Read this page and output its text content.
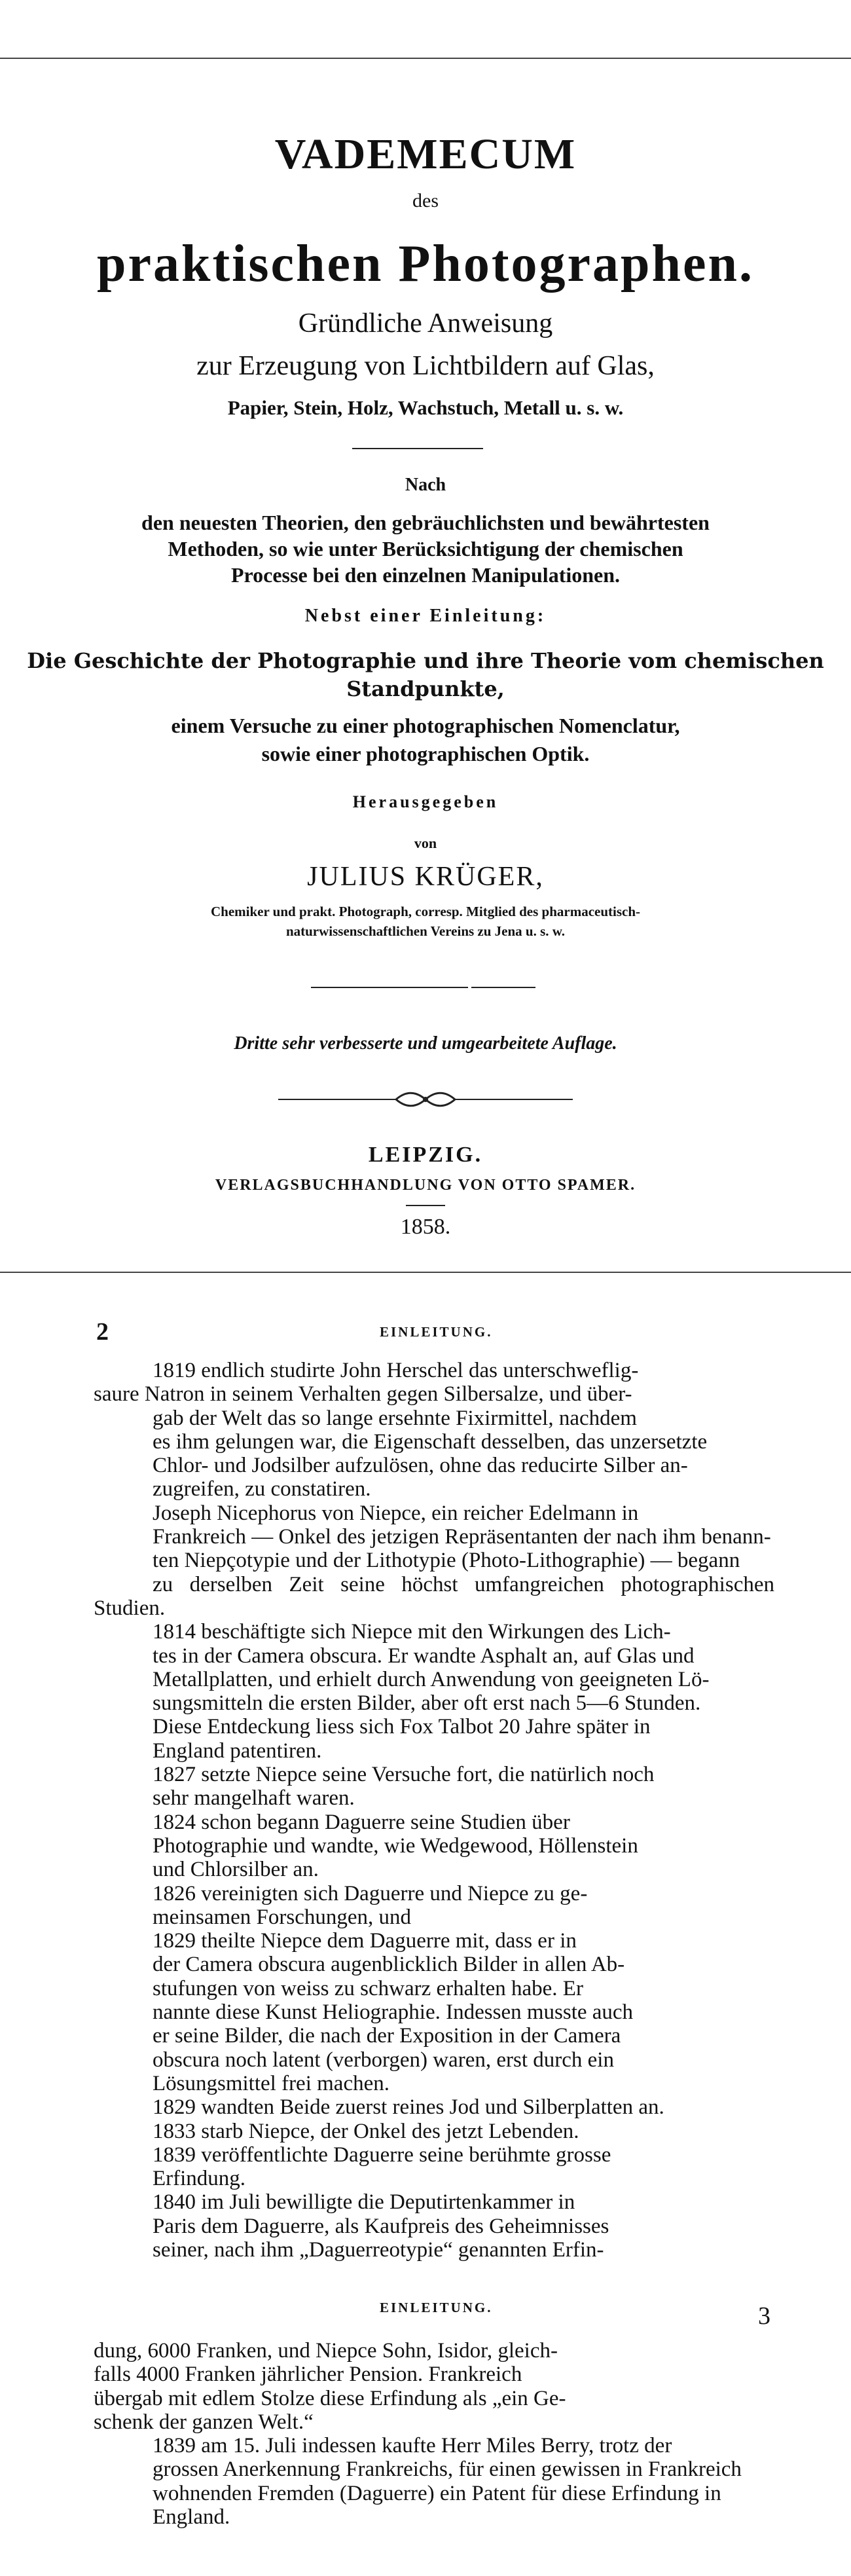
VADEMECUM
des
praktischen Photographen.
Gründliche Anweisung
zur Erzeugung von Lichtbildern auf Glas,
Papier, Stein, Holz, Wachstuch, Metall u. s. w.
Nach
den neuesten Theorien, den gebräuchlichsten und bewährtesten
Methoden, so wie unter Berücksichtigung der chemischen
Processe bei den einzelnen Manipulationen.
Nebst einer Einleitung:
Die Geschichte der Photographie und ihre Theorie vom chemischen
Standpunkte,
einem Versuche zu einer photographischen Nomenclatur,
sowie einer photographischen Optik.
Herausgegeben
von
JULIUS KRÜGER,
Chemiker und prakt. Photograph, corresp. Mitglied des pharmaceutisch-
naturwissenschaftlichen Vereins zu Jena u. s. w.
Dritte sehr verbesserte und umgearbeitete Auflage.
LEIPZIG.
VERLAGSBUCHHANDLUNG VON OTTO SPAMER.
1858.
2	EINLEITUNG.

1819 endlich studirte John Herschel das unterschweflig-
saure Natron in seinem Verhalten gegen Silbersalze, und über-
gab der Welt das so lange ersehnte Fixirmittel, nachdem
es ihm gelungen war, die Eigenschaft desselben, das unzersetzte
Chlor- und Jodsilber aufzulösen, ohne das reducirte Silber an-
zugreifen, zu constatiren.

Joseph Nicephorus von Niepce, ein reicher Edelmann in
Frankreich — Onkel des jetzigen Repräsentanten der nach ihm benann-
ten Niepçotypie und der Lithotypie (Photo-Lithographie) — begann
zu derselben Zeit seine höchst umfangreichen photographischen Studien.

1814 beschäftigte sich Niepce mit den Wirkungen des Lich-
tes in der Camera obscura. Er wandte Asphalt an, auf Glas und
Metallplatten, und erhielt durch Anwendung von geeigneten Lö-
sungsmitteln die ersten Bilder, aber oft erst nach 5—6 Stunden.

Diese Entdeckung liess sich Fox Talbot 20 Jahre später in
England patentiren.

1827 setzte Niepce seine Versuche fort, die natürlich noch
sehr mangelhaft waren.

1824 schon begann Daguerre seine Studien über
Photographie und wandte, wie Wedgewood, Höllenstein
und Chlorsilber an.

1826 vereinigten sich Daguerre und Niepce zu ge-
meinsamen Forschungen, und

1829 theilte Niepce dem Daguerre mit, dass er in
der Camera obscura augenblicklich Bilder in allen Ab-
stufungen von weiss zu schwarz erhalten habe. Er
nannte diese Kunst Heliographie. Indessen musste auch
er seine Bilder, die nach der Exposition in der Camera
obscura noch latent (verborgen) waren, erst durch ein
Lösungsmittel frei machen.

1829 wandten Beide zuerst reines Jod und Silberplatten an.

1833 starb Niepce, der Onkel des jetzt Lebenden.

1839 veröffentlichte Daguerre seine berühmte grosse
Erfindung.

1840 im Juli bewilligte die Deputirtenkammer in
Paris dem Daguerre, als Kaufpreis des Geheimnisses
seiner, nach ihm „Daguerreotypie“ genannten Erfin-

EINLEITUNG.	3

dung, 6000 Franken, und Niepce Sohn, Isidor, gleich-
falls 4000 Franken jährlicher Pension. Frankreich
übergab mit edlem Stolze diese Erfindung als „ein Ge-
schenk der ganzen Welt.“

1839 am 15. Juli indessen kaufte Herr Miles Berry, trotz der
grossen Anerkennung Frankreichs, für einen gewissen in Frankreich
wohnenden Fremden (Daguerre) ein Patent für diese Erfindung in
England.
